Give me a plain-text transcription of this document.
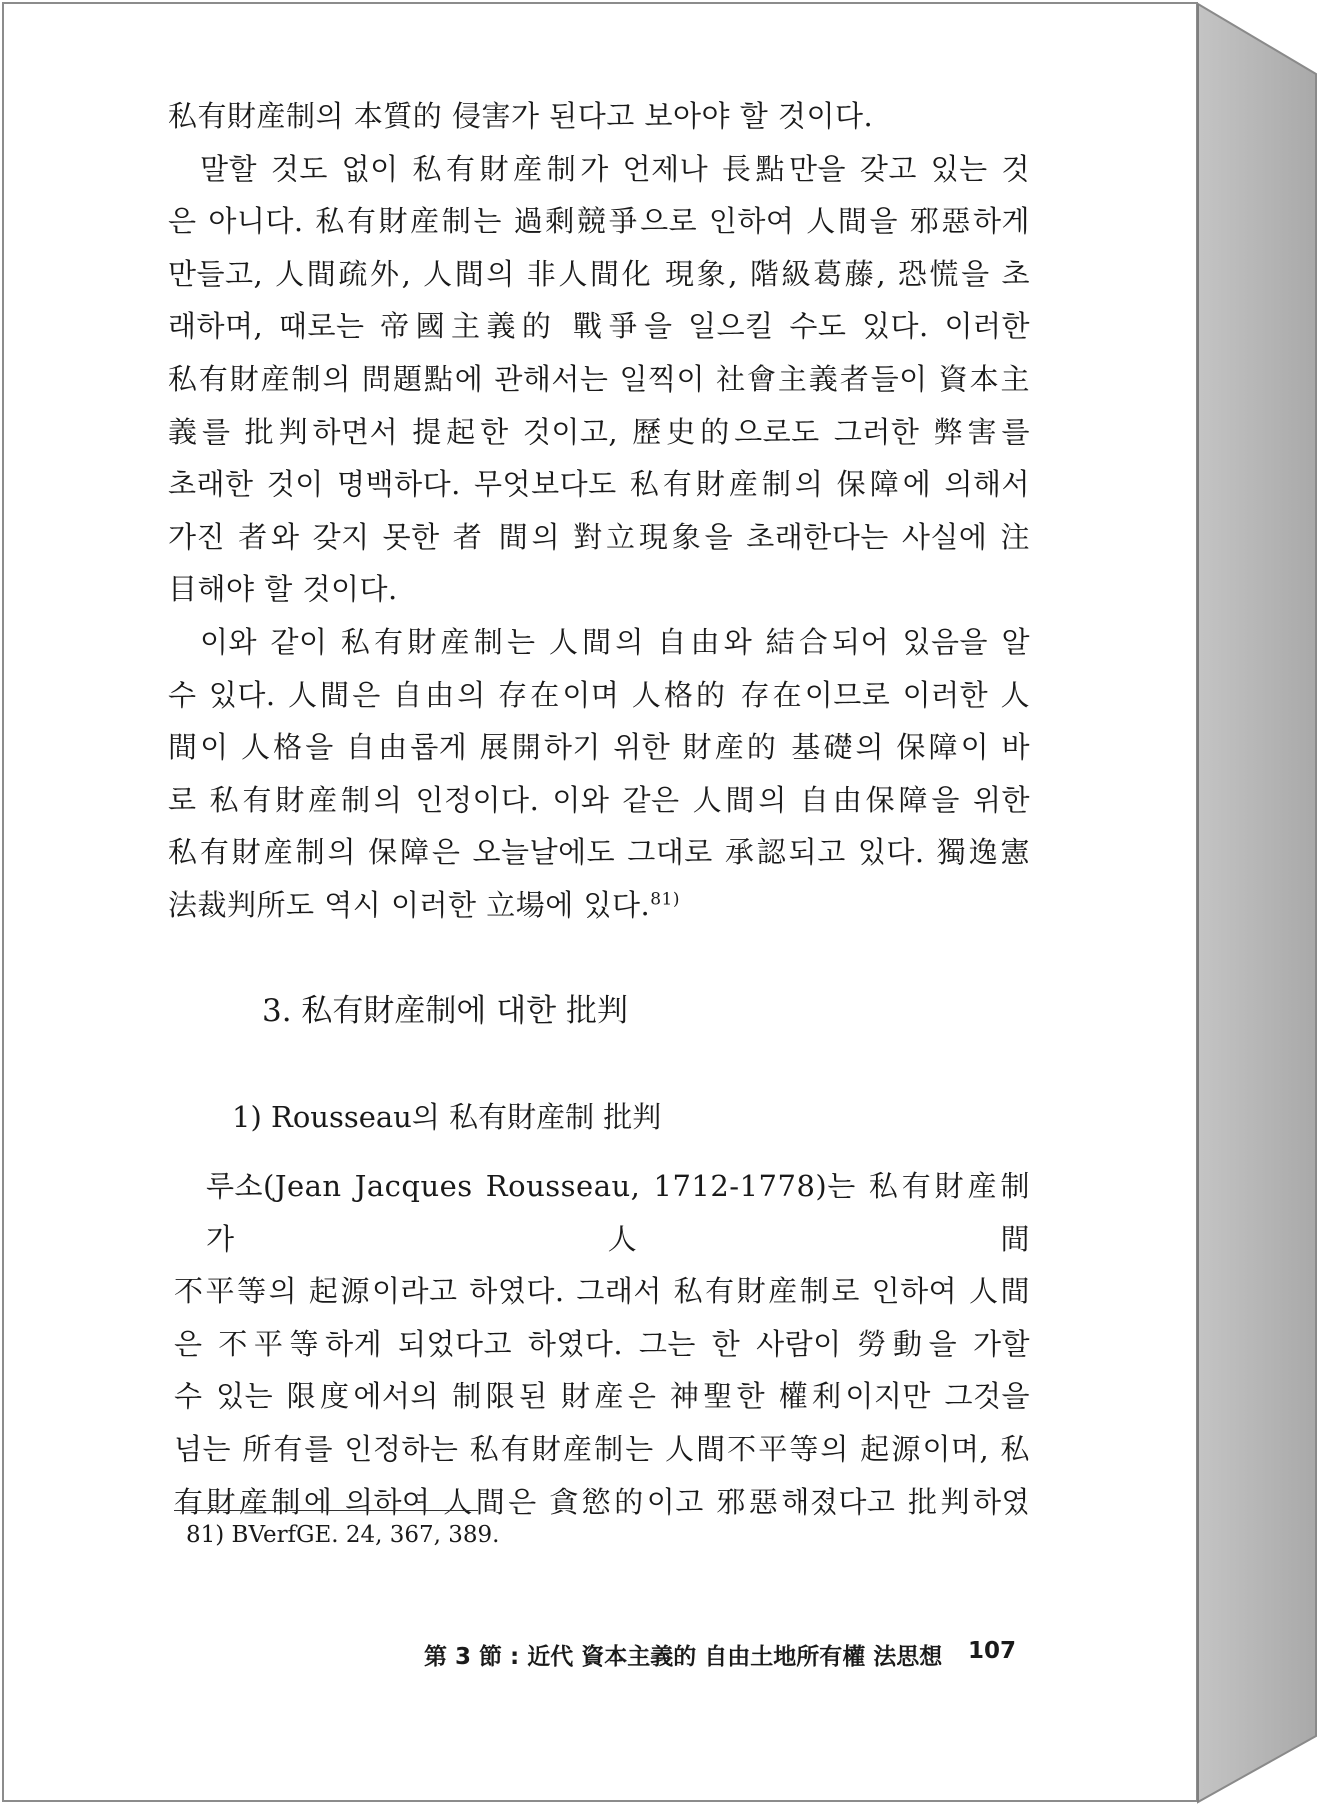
私有財産制의 本質的 侵害가 된다고 보아야 할 것이다.

말할 것도 없이 私有財産制가 언제나 長點만을 갖고 있는 것
은 아니다. 私有財産制는 過剩競爭으로 인하여 人間을 邪惡하게
만들고, 人間疏外, 人間의 非人間化 現象, 階級葛藤, 恐慌을 초
래하며, 때로는 帝國主義的 戰爭을 일으킬 수도 있다. 이러한
私有財産制의 問題點에 관해서는 일찍이 社會主義者들이 資本主
義를 批判하면서 提起한 것이고, 歷史的으로도 그러한 弊害를
초래한 것이 명백하다. 무엇보다도 私有財産制의 保障에 의해서
가진 者와 갖지 못한 者 間의 對立現象을 초래한다는 사실에 注
目해야 할 것이다.

이와 같이 私有財産制는 人間의 自由와 結合되어 있음을 알
수 있다. 人間은 自由의 存在이며 人格的 存在이므로 이러한 人
間이 人格을 自由롭게 展開하기 위한 財産的 基礎의 保障이 바
로 私有財産制의 인정이다. 이와 같은 人間의 自由保障을 위한
私有財産制의 保障은 오늘날에도 그대로 承認되고 있다. 獨逸憲
法裁判所도 역시 이러한 立場에 있다.$^{81)}$

3. 私有財産制에 대한 批判
1) Rousseau의 私有財産制 批判

루소(Jean Jacques Rousseau, 1712-1778)는 私有財産制가 人間
不平等의 起源이라고 하였다. 그래서 私有財産制로 인하여 人間
은 不平等하게 되었다고 하였다. 그는 한 사람이 勞動을 가할
수 있는 限度에서의 制限된 財産은 神聖한 權利이지만 그것을
넘는 所有를 인정하는 私有財産制는 人間不平等의 起源이며, 私
有財産制에 의하여 人間은 貪慾的이고 邪惡해졌다고 批判하였

81) BVerfGE. 24, 367, 389.

第 3 節 : 近代 資本主義的 自由土地所有權 法思想 107
